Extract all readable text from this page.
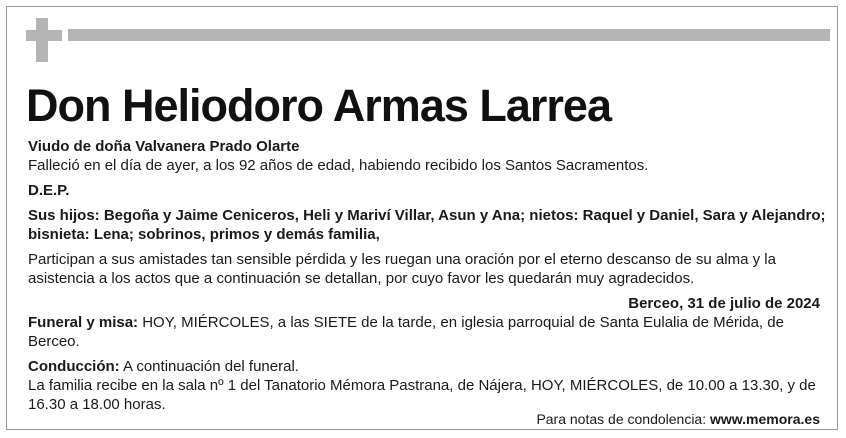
Don Heliodoro Armas Larrea

Viudo de doña Valvanera Prado Olarte

Falleció en el día de ayer, a los 92 años de edad, habiendo recibido los Santos Sacramentos.

D.E.P.

Sus hijos: Begoña y Jaime Ceniceros, Heli y Mariví Villar, Asun y Ana; nietos: Raquel y Daniel, Sara y Alejandro; bisnieta: Lena; sobrinos, primos y demás familia,

Participan a sus amistades tan sensible pérdida y les ruegan una oración por el eterno descanso de su alma y la asistencia a los actos que a continuación se detallan, por cuyo favor les quedarán muy agradecidos.

Berceo, 31 de julio de 2024

Funeral y misa: HOY, MIÉRCOLES, a las SIETE de la tarde, en iglesia parroquial de Santa Eulalia de Mérida, de Berceo.

Conducción: A continuación del funeral.

La familia recibe en la sala nº 1 del Tanatorio Mémora Pastrana, de Nájera, HOY, MIÉRCOLES, de 10.00 a 13.30, y de 16.30 a 18.00 horas.

Para notas de condolencia: www.memora.es
